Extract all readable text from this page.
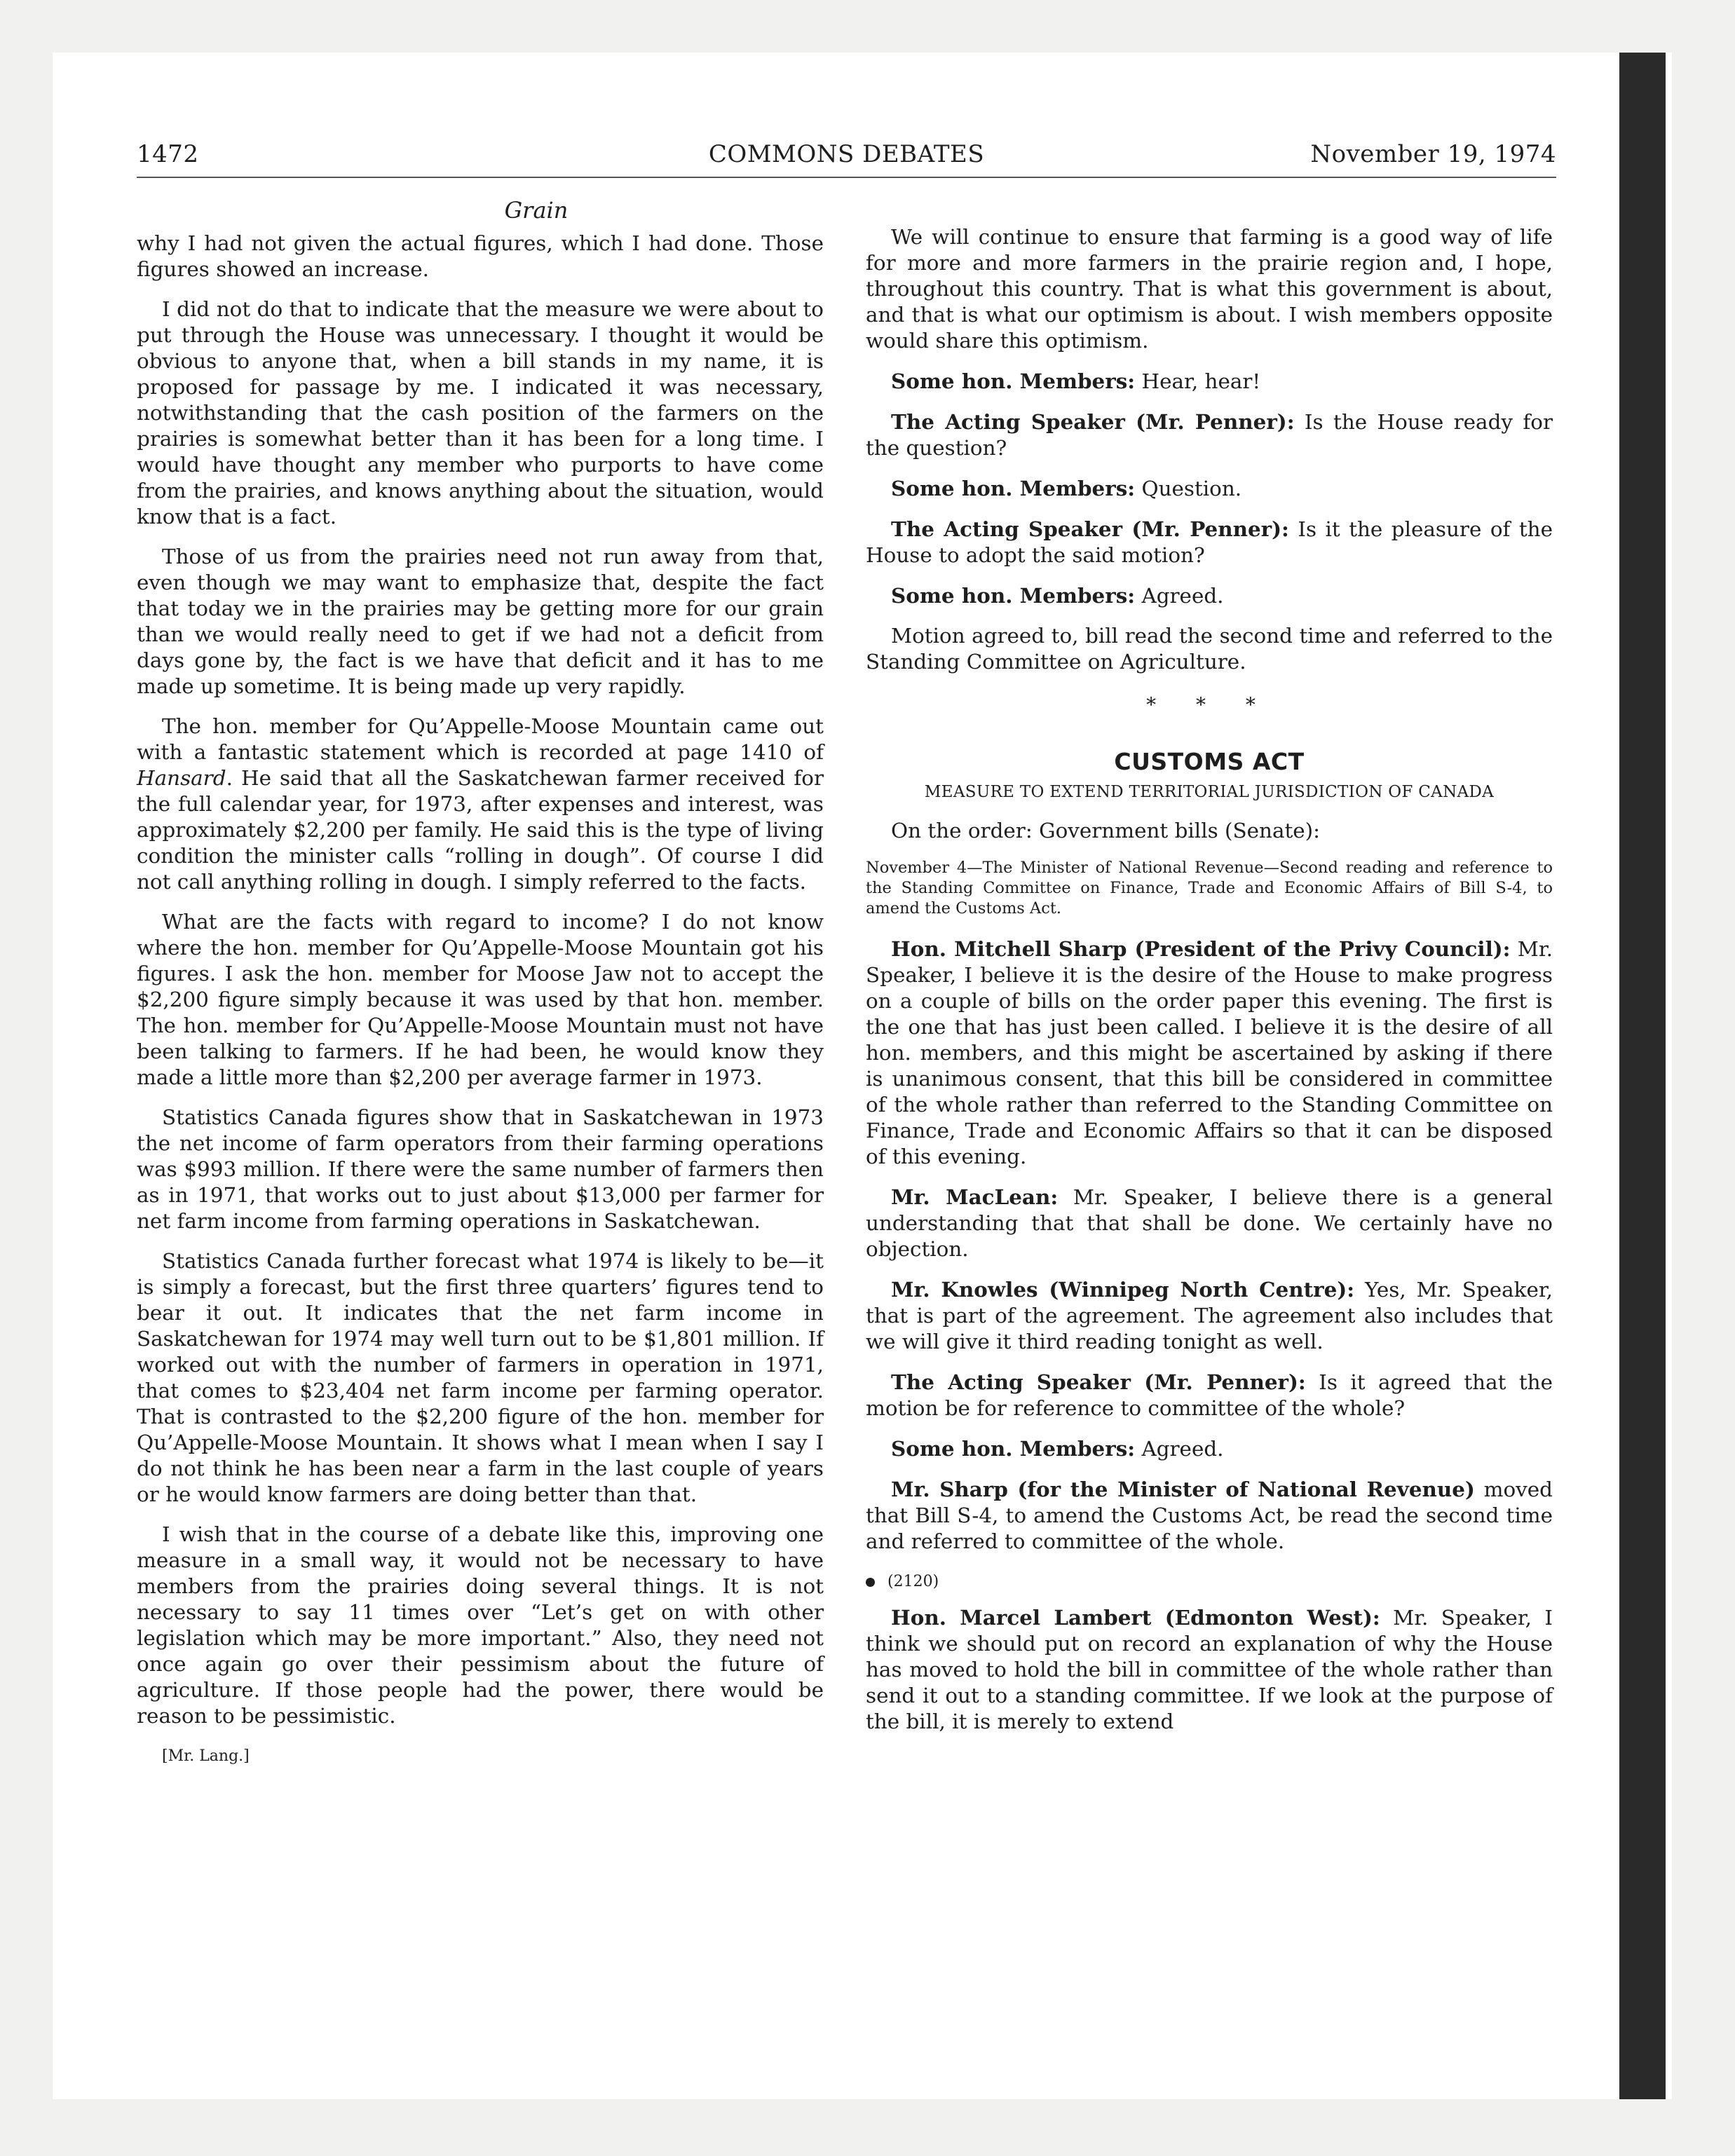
1472	COMMONS DEBATES	November 19, 1974
Grain

why I had not given the actual figures, which I had done. Those figures showed an increase.

I did not do that to indicate that the measure we were about to put through the House was unnecessary. I thought it would be obvious to anyone that, when a bill stands in my name, it is proposed for passage by me. I indicated it was necessary, notwithstanding that the cash position of the farmers on the prairies is somewhat better than it has been for a long time. I would have thought any member who purports to have come from the prairies, and knows anything about the situation, would know that is a fact.

Those of us from the prairies need not run away from that, even though we may want to emphasize that, despite the fact that today we in the prairies may be getting more for our grain than we would really need to get if we had not a deficit from days gone by, the fact is we have that deficit and it has to me made up sometime. It is being made up very rapidly.

The hon. member for Qu’Appelle-Moose Mountain came out with a fantastic statement which is recorded at page 1410 of Hansard. He said that all the Saskatchewan farmer received for the full calendar year, for 1973, after expenses and interest, was approximately $2,200 per family. He said this is the type of living condition the minister calls “rolling in dough”. Of course I did not call anything rolling in dough. I simply referred to the facts.

What are the facts with regard to income? I do not know where the hon. member for Qu’Appelle-Moose Mountain got his figures. I ask the hon. member for Moose Jaw not to accept the $2,200 figure simply because it was used by that hon. member. The hon. member for Qu’Appelle-Moose Mountain must not have been talking to farmers. If he had been, he would know they made a little more than $2,200 per average farmer in 1973.

Statistics Canada figures show that in Saskatchewan in 1973 the net income of farm operators from their farming operations was $993 million. If there were the same number of farmers then as in 1971, that works out to just about $13,000 per farmer for net farm income from farming operations in Saskatchewan.

Statistics Canada further forecast what 1974 is likely to be—it is simply a forecast, but the first three quarters’ figures tend to bear it out. It indicates that the net farm income in Saskatchewan for 1974 may well turn out to be $1,801 million. If worked out with the number of farmers in operation in 1971, that comes to $23,404 net farm income per farming operator. That is contrasted to the $2,200 figure of the hon. member for Qu’Appelle-Moose Mountain. It shows what I mean when I say I do not think he has been near a farm in the last couple of years or he would know farmers are doing better than that.

I wish that in the course of a debate like this, improving one measure in a small way, it would not be necessary to have members from the prairies doing several things. It is not necessary to say 11 times over “Let’s get on with other legislation which may be more important.” Also, they need not once again go over their pessimism about the future of agriculture. If those people had the power, there would be reason to be pessimistic.

[Mr. Lang.]

We will continue to ensure that farming is a good way of life for more and more farmers in the prairie region and, I hope, throughout this country. That is what this government is about, and that is what our optimism is about. I wish members opposite would share this optimism.

Some hon. Members: Hear, hear!

The Acting Speaker (Mr. Penner): Is the House ready for the question?

Some hon. Members: Question.

The Acting Speaker (Mr. Penner): Is it the pleasure of the House to adopt the said motion?

Some hon. Members: Agreed.

Motion agreed to, bill read the second time and referred to the Standing Committee on Agriculture.

* * *
CUSTOMS ACT
MEASURE TO EXTEND TERRITORIAL JURISDICTION OF CANADA

On the order: Government bills (Senate):

November 4—The Minister of National Revenue—Second reading and reference to the Standing Committee on Finance, Trade and Economic Affairs of Bill S-4, to amend the Customs Act.

Hon. Mitchell Sharp (President of the Privy Council): Mr. Speaker, I believe it is the desire of the House to make progress on a couple of bills on the order paper this evening. The first is the one that has just been called. I believe it is the desire of all hon. members, and this might be ascertained by asking if there is unanimous consent, that this bill be considered in committee of the whole rather than referred to the Standing Committee on Finance, Trade and Economic Affairs so that it can be disposed of this evening.

Mr. MacLean: Mr. Speaker, I believe there is a general understanding that that shall be done. We certainly have no objection.

Mr. Knowles (Winnipeg North Centre): Yes, Mr. Speaker, that is part of the agreement. The agreement also includes that we will give it third reading tonight as well.

The Acting Speaker (Mr. Penner): Is it agreed that the motion be for reference to committee of the whole?

Some hon. Members: Agreed.

Mr. Sharp (for the Minister of National Revenue) moved that Bill S-4, to amend the Customs Act, be read the second time and referred to committee of the whole.

(2120)

Hon. Marcel Lambert (Edmonton West): Mr. Speaker, I think we should put on record an explanation of why the House has moved to hold the bill in committee of the whole rather than send it out to a standing committee. If we look at the purpose of the bill, it is merely to extend
